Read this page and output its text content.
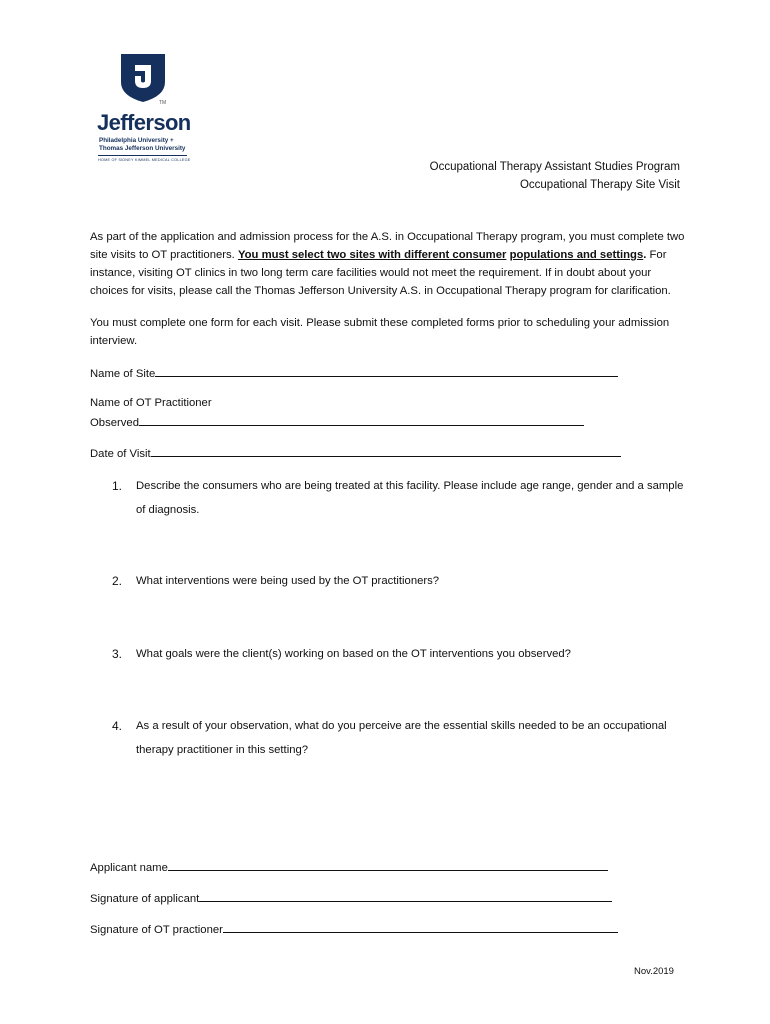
TM
Jefferson
Philadelphia University +
Thomas Jefferson University
HOME OF SIDNEY KIMMEL MEDICAL COLLEGE
Occupational Therapy Assistant Studies Program
Occupational Therapy Site Visit
As part of the application and admission process for the A.S. in Occupational Therapy program, you must complete two site visits to OT practitioners. You must select two sites with different consumer populations and settings. For instance, visiting OT clinics in two long term care facilities would not meet the requirement. If in doubt about your choices for visits, please call the Thomas Jefferson University A.S. in Occupational Therapy program for clarification.
You must complete one form for each visit. Please submit these completed forms prior to scheduling your admission interview.
Name of Site
Name of OT Practitioner
Observed
Date of Visit
1. Describe the consumers who are being treated at this facility. Please include age range, gender and a sample of diagnosis.
2. What interventions were being used by the OT practitioners?
3. What goals were the client(s) working on based on the OT interventions you observed?
4. As a result of your observation, what do you perceive are the essential skills needed to be an occupational therapy practitioner in this setting?
Applicant name
Signature of applicant
Signature of OT practioner
Nov.2019
